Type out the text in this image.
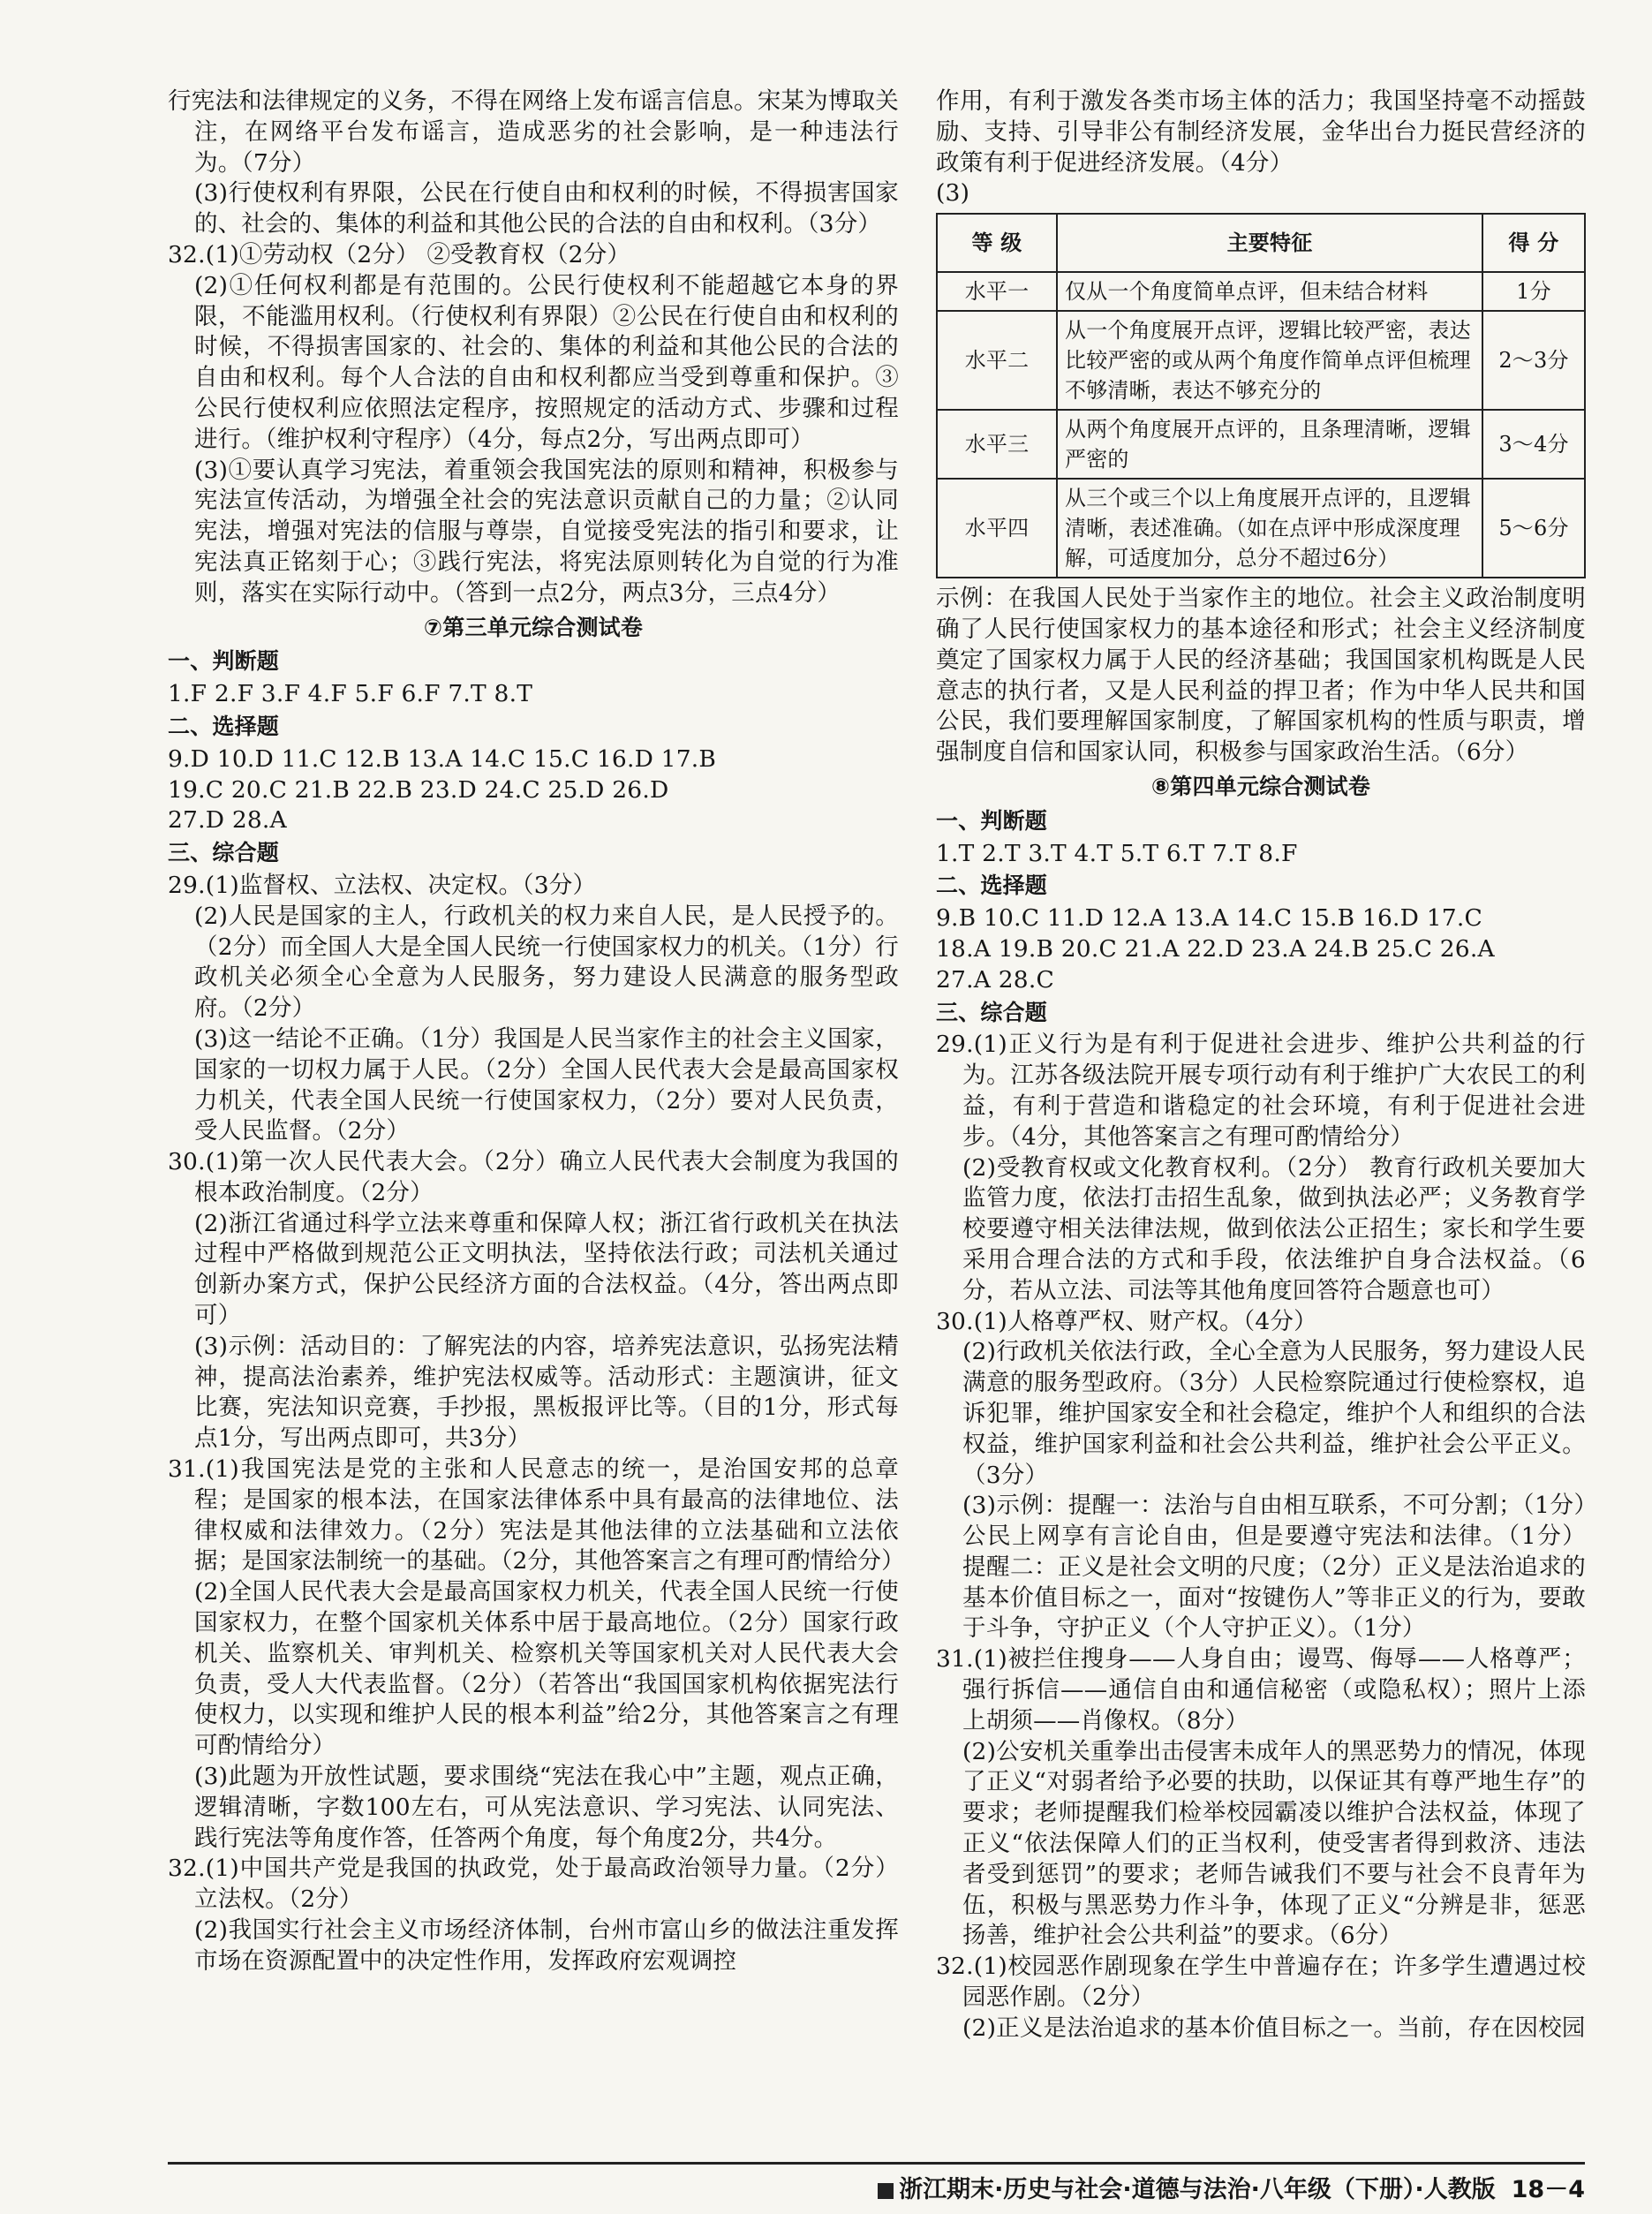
行宪法和法律规定的义务，不得在网络上发布谣言信息。宋某为博取关注，在网络平台发布谣言，造成恶劣的社会影响，是一种违法行为。（7分）
(3)行使权利有界限，公民在行使自由和权利的时候，不得损害国家的、社会的、集体的利益和其他公民的合法的自由和权利。（3分）
32.(1)①劳动权（2分） ②受教育权（2分）
(2)①任何权利都是有范围的。公民行使权利不能超越它本身的界限，不能滥用权利。（行使权利有界限）②公民在行使自由和权利的时候，不得损害国家的、社会的、集体的利益和其他公民的合法的自由和权利。每个人合法的自由和权利都应当受到尊重和保护。③公民行使权利应依照法定程序，按照规定的活动方式、步骤和过程进行。（维护权利守程序）（4分，每点2分，写出两点即可）
(3)①要认真学习宪法，着重领会我国宪法的原则和精神，积极参与宪法宣传活动，为增强全社会的宪法意识贡献自己的力量；②认同宪法，增强对宪法的信服与尊崇，自觉接受宪法的指引和要求，让宪法真正铭刻于心；③践行宪法，将宪法原则转化为自觉的行为准则，落实在实际行动中。（答到一点2分，两点3分，三点4分）
⑦第三单元综合测试卷
一、判断题
1.F 2.F 3.F 4.F 5.F 6.F 7.T 8.T
二、选择题
9.D 10.D 11.C 12.B 13.A 14.C 15.C 16.D 17.B
19.C 20.C 21.B 22.B 23.D 24.C 25.D 26.D
27.D 28.A
三、综合题
29.(1)监督权、立法权、决定权。（3分）
(2)人民是国家的主人，行政机关的权力来自人民，是人民授予的。（2分）而全国人大是全国人民统一行使国家权力的机关。（1分）行政机关必须全心全意为人民服务，努力建设人民满意的服务型政府。（2分）
(3)这一结论不正确。（1分）我国是人民当家作主的社会主义国家，国家的一切权力属于人民。（2分）全国人民代表大会是最高国家权力机关，代表全国人民统一行使国家权力，（2分）要对人民负责，受人民监督。（2分）
30.(1)第一次人民代表大会。（2分）确立人民代表大会制度为我国的根本政治制度。（2分）
(2)浙江省通过科学立法来尊重和保障人权；浙江省行政机关在执法过程中严格做到规范公正文明执法，坚持依法行政；司法机关通过创新办案方式，保护公民经济方面的合法权益。（4分，答出两点即可）
(3)示例：活动目的：了解宪法的内容，培养宪法意识，弘扬宪法精神，提高法治素养，维护宪法权威等。活动形式：主题演讲，征文比赛，宪法知识竞赛，手抄报，黑板报评比等。（目的1分，形式每点1分，写出两点即可，共3分）
31.(1)我国宪法是党的主张和人民意志的统一，是治国安邦的总章程；是国家的根本法，在国家法律体系中具有最高的法律地位、法律权威和法律效力。（2分）宪法是其他法律的立法基础和立法依据；是国家法制统一的基础。（2分，其他答案言之有理可酌情给分）
(2)全国人民代表大会是最高国家权力机关，代表全国人民统一行使国家权力，在整个国家机关体系中居于最高地位。（2分）国家行政机关、监察机关、审判机关、检察机关等国家机关对人民代表大会负责，受人大代表监督。（2分）（若答出“我国国家机构依据宪法行使权力，以实现和维护人民的根本利益”给2分，其他答案言之有理可酌情给分）
(3)此题为开放性试题，要求围绕“宪法在我心中”主题，观点正确，逻辑清晰，字数100左右，可从宪法意识、学习宪法、认同宪法、践行宪法等角度作答，任答两个角度，每个角度2分，共4分。
32.(1)中国共产党是我国的执政党，处于最高政治领导力量。（2分） 立法权。（2分）
(2)我国实行社会主义市场经济体制，台州市富山乡的做法注重发挥市场在资源配置中的决定性作用，发挥政府宏观调控
作用，有利于激发各类市场主体的活力；我国坚持毫不动摇鼓励、支持、引导非公有制经济发展，金华出台力挺民营经济的政策有利于促进经济发展。（4分）
(3)
等 级	主要特征	得 分
水平一	仅从一个角度简单点评，但未结合材料	1分
水平二	从一个角度展开点评，逻辑比较严密，表达比较严密的或从两个角度作简单点评但梳理不够清晰，表达不够充分的	2～3分
水平三	从两个角度展开点评的，且条理清晰，逻辑严密的	3～4分
水平四	从三个或三个以上角度展开点评的，且逻辑清晰，表述准确。（如在点评中形成深度理解，可适度加分，总分不超过6分）	5～6分
示例：在我国人民处于当家作主的地位。社会主义政治制度明确了人民行使国家权力的基本途径和形式；社会主义经济制度奠定了国家权力属于人民的经济基础；我国国家机构既是人民意志的执行者，又是人民利益的捍卫者；作为中华人民共和国公民，我们要理解国家制度，了解国家机构的性质与职责，增强制度自信和国家认同，积极参与国家政治生活。（6分）
⑧第四单元综合测试卷
一、判断题
1.T 2.T 3.T 4.T 5.T 6.T 7.T 8.F
二、选择题
9.B 10.C 11.D 12.A 13.A 14.C 15.B 16.D 17.C
18.A 19.B 20.C 21.A 22.D 23.A 24.B 25.C 26.A
27.A 28.C
三、综合题
29.(1)正义行为是有利于促进社会进步、维护公共利益的行为。江苏各级法院开展专项行动有利于维护广大农民工的利益，有利于营造和谐稳定的社会环境，有利于促进社会进步。（4分，其他答案言之有理可酌情给分）
(2)受教育权或文化教育权利。（2分） 教育行政机关要加大监管力度，依法打击招生乱象，做到执法必严；义务教育学校要遵守相关法律法规，做到依法公正招生；家长和学生要采用合理合法的方式和手段，依法维护自身合法权益。（6分，若从立法、司法等其他角度回答符合题意也可）
30.(1)人格尊严权、财产权。（4分）
(2)行政机关依法行政，全心全意为人民服务，努力建设人民满意的服务型政府。（3分）人民检察院通过行使检察权，追诉犯罪，维护国家安全和社会稳定，维护个人和组织的合法权益，维护国家利益和社会公共利益，维护社会公平正义。（3分）
(3)示例：提醒一：法治与自由相互联系，不可分割；（1分）公民上网享有言论自由，但是要遵守宪法和法律。（1分） 提醒二：正义是社会文明的尺度；（2分）正义是法治追求的基本价值目标之一，面对“按键伤人”等非正义的行为，要敢于斗争，守护正义（个人守护正义）。（1分）
31.(1)被拦住搜身——人身自由；谩骂、侮辱——人格尊严；强行拆信——通信自由和通信秘密（或隐私权）；照片上添上胡须——肖像权。（8分）
(2)公安机关重拳出击侵害未成年人的黑恶势力的情况，体现了正义“对弱者给予必要的扶助，以保证其有尊严地生存”的要求；老师提醒我们检举校园霸凌以维护合法权益，体现了正义“依法保障人们的正当权利，使受害者得到救济、违法者受到惩罚”的要求；老师告诫我们不要与社会不良青年为伍，积极与黑恶势力作斗争，体现了正义“分辨是非，惩恶扬善，维护社会公共利益”的要求。（6分）
32.(1)校园恶作剧现象在学生中普遍存在；许多学生遭遇过校园恶作剧。（2分）
(2)正义是法治追求的基本价值目标之一。当前，存在因校园
浙江期末·历史与社会·道德与法治·八年级（下册）·人教版 18－4
